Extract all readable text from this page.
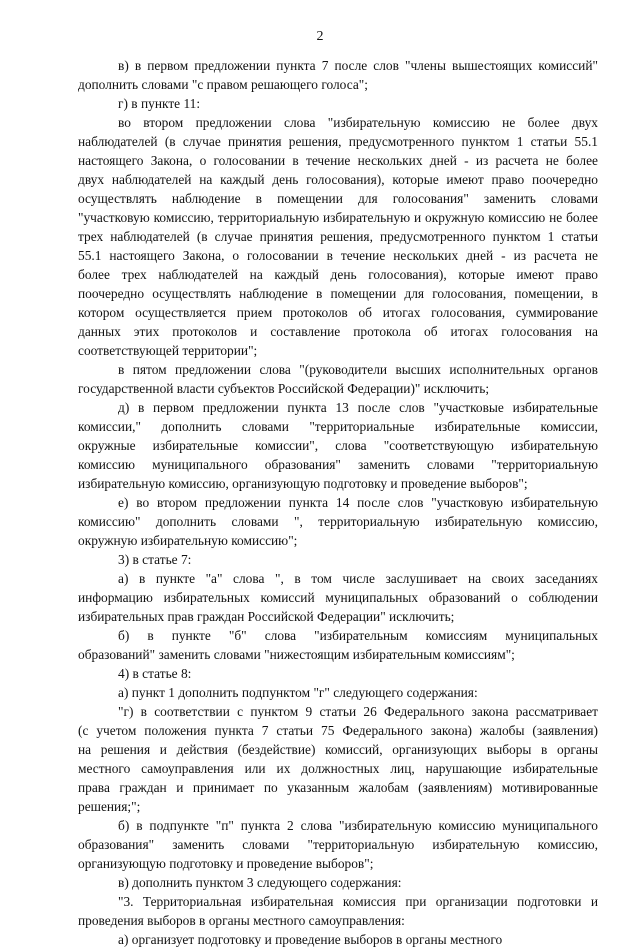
2
в) в первом предложении пункта 7 после слов "члены вышестоящих комиссий"
дополнить словами "с правом решающего голоса";
г) в пункте 11:
во втором предложении слова "избирательную комиссию не более двух
наблюдателей (в случае принятия решения, предусмотренного пунктом 1 статьи 55.1
настоящего Закона, о голосовании в течение нескольких дней - из расчета не более
двух наблюдателей на каждый день голосования), которые имеют право поочередно
осуществлять наблюдение в помещении для голосования" заменить словами
"участковую комиссию, территориальную избирательную и окружную комиссию не более
трех наблюдателей (в случае принятия решения, предусмотренного пунктом 1 статьи
55.1 настоящего Закона, о голосовании в течение нескольких дней - из расчета не
более трех наблюдателей на каждый день голосования), которые имеют право
поочередно осуществлять наблюдение в помещении для голосования, помещении, в
котором осуществляется прием протоколов об итогах голосования, суммирование
данных этих протоколов и составление протокола об итогах голосования на
соответствующей территории";
в пятом предложении слова "(руководители высших исполнительных органов
государственной власти субъектов Российской Федерации)" исключить;
д) в первом предложении пункта 13 после слов "участковые избирательные
комиссии," дополнить словами "территориальные избирательные комиссии,
окружные избирательные комиссии", слова "соответствующую избирательную
комиссию муниципального образования" заменить словами "территориальную
избирательную комиссию, организующую подготовку и проведение выборов";
е) во втором предложении пункта 14 после слов "участковую избирательную
комиссию" дополнить словами ", территориальную избирательную комиссию,
окружную избирательную комиссию";
3) в статье 7:
а) в пункте "а" слова ", в том числе заслушивает на своих заседаниях
информацию избирательных комиссий муниципальных образований о соблюдении
избирательных прав граждан Российской Федерации" исключить;
б) в пункте "б" слова "избирательным комиссиям муниципальных
образований" заменить словами "нижестоящим избирательным комиссиям";
4) в статье 8:
а) пункт 1 дополнить подпунктом "г" следующего содержания:
"г) в соответствии с пунктом 9 статьи 26 Федерального закона рассматривает
(с учетом положения пункта 7 статьи 75 Федерального закона) жалобы (заявления)
на решения и действия (бездействие) комиссий, организующих выборы в органы
местного самоуправления или их должностных лиц, нарушающие избирательные
права граждан и принимает по указанным жалобам (заявлениям) мотивированные
решения;";
б) в подпункте "п" пункта 2 слова "избирательную комиссию муниципального
образования" заменить словами "территориальную избирательную комиссию,
организующую подготовку и проведение выборов";
в) дополнить пунктом 3 следующего содержания:
"3. Территориальная избирательная комиссия при организации подготовки и
проведения выборов в органы местного самоуправления:
а) организует подготовку и проведение выборов в органы местного
